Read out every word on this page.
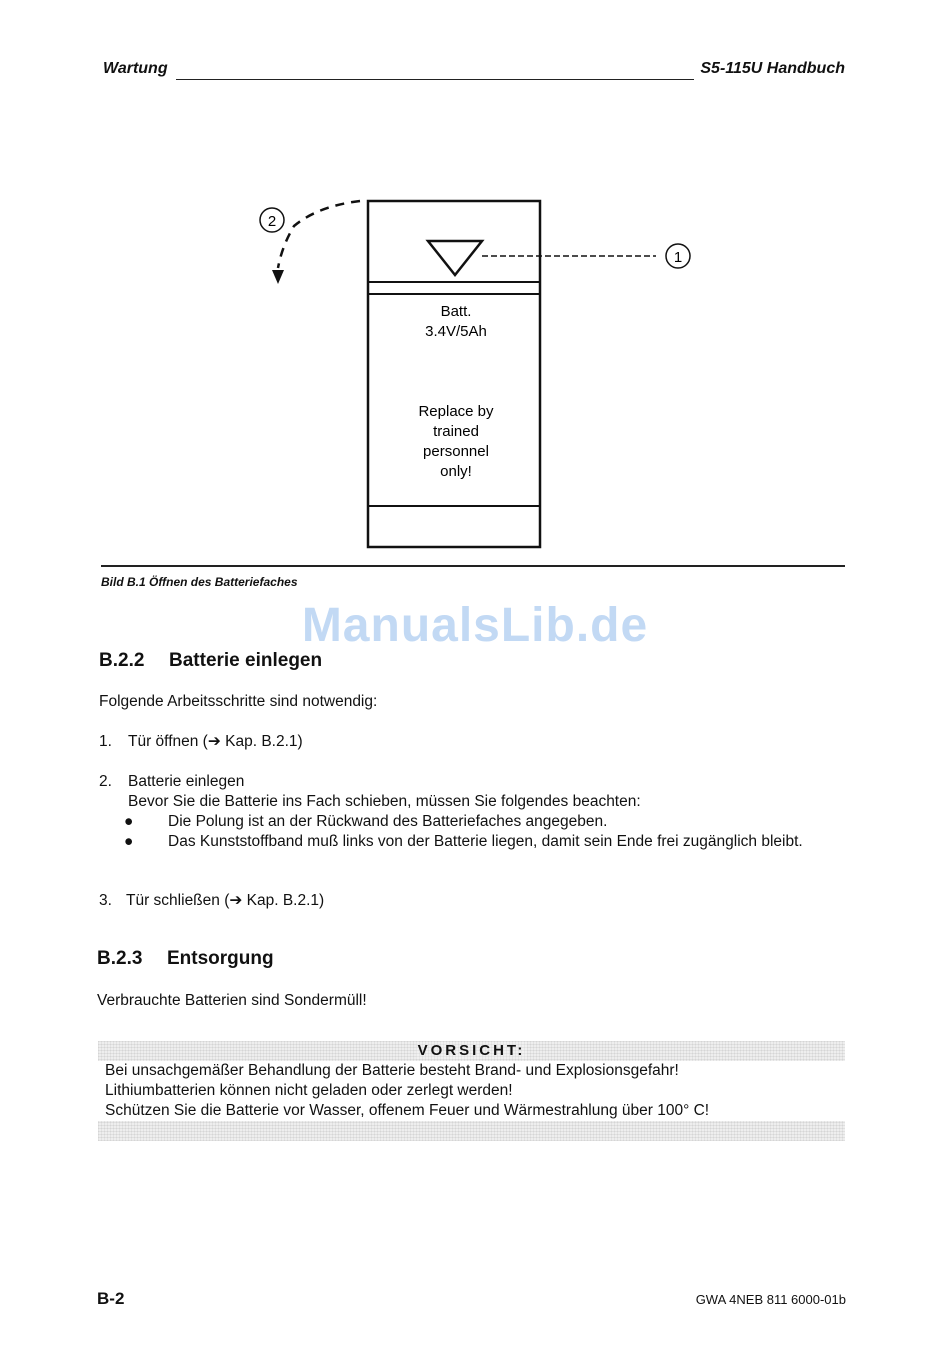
Wartung	S5-115U Handbuch
1
2
Batt.
3.4V/5Ah
Replace by
trained
personnel
only!
Bild B.1 Öffnen des Batteriefaches
ManualsLib.de
B.2.2 Batterie einlegen
Folgende Arbeitsschritte sind notwendig:
1. Tür öffnen (➔ Kap. B.2.1)
2. Batterie einlegen
Bevor Sie die Batterie ins Fach schieben, müssen Sie folgendes beachten:
● Die Polung ist an der Rückwand des Batteriefaches angegeben.
● Das Kunststoffband muß links von der Batterie liegen, damit sein Ende frei zugänglich bleibt.
3. Tür schließen (➔ Kap. B.2.1)
B.2.3 Entsorgung
Verbrauchte Batterien sind Sondermüll!
VORSICHT:
Bei unsachgemäßer Behandlung der Batterie besteht Brand- und Explosionsgefahr!
Lithiumbatterien können nicht geladen oder zerlegt werden!
Schützen Sie die Batterie vor Wasser, offenem Feuer und Wärmestrahlung über 100° C!
B-2	GWA 4NEB 811 6000-01b
